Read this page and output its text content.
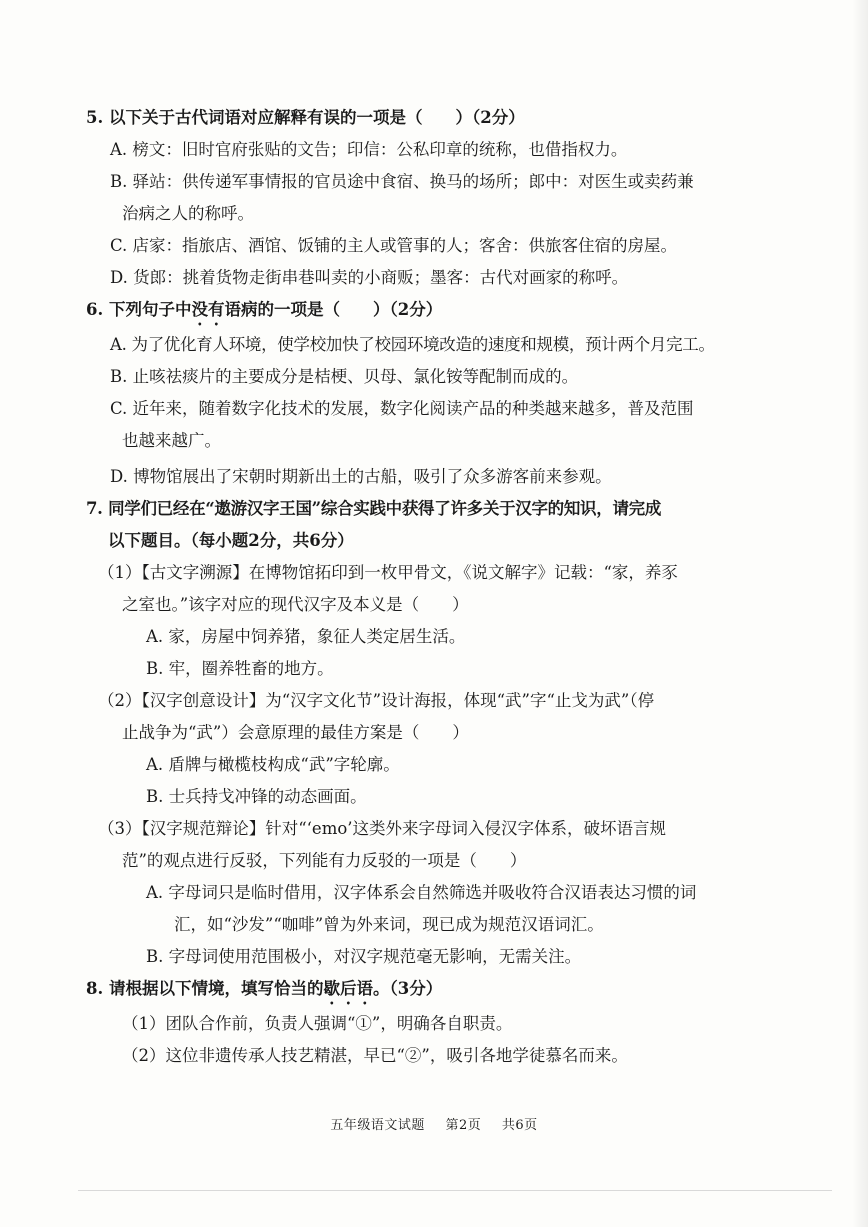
5. 以下关于古代词语对应解释有误的一项是（　　）（2分）

A. 榜文：旧时官府张贴的文告；印信：公私印章的统称，也借指权力。

B. 驿站：供传递军事情报的官员途中食宿、换马的场所；郎中：对医生或卖药兼

治病之人的称呼。

C. 店家：指旅店、酒馆、饭铺的主人或管事的人；客舍：供旅客住宿的房屋。

D. 货郎：挑着货物走街串巷叫卖的小商贩；墨客：古代对画家的称呼。

6. 下列句子中没有语病的一项是（　　）（2分）

A. 为了优化育人环境，使学校加快了校园环境改造的速度和规模，预计两个月完工。

B. 止咳祛痰片的主要成分是桔梗、贝母、氯化铵等配制而成的。

C. 近年来，随着数字化技术的发展，数字化阅读产品的种类越来越多，普及范围

也越来越广。

D. 博物馆展出了宋朝时期新出土的古船，吸引了众多游客前来参观。

7. 同学们已经在“遨游汉字王国”综合实践中获得了许多关于汉字的知识，请完成

以下题目。（每小题2分，共6分）

（1）【古文字溯源】在博物馆拓印到一枚甲骨文，《说文解字》记载：“家，养豕

之室也。”该字对应的现代汉字及本义是（　　）

A. 家，房屋中饲养猪，象征人类定居生活。

B. 牢，圈养牲畜的地方。

（2）【汉字创意设计】为“汉字文化节”设计海报，体现“武”字“止戈为武”（停

止战争为“武”）会意原理的最佳方案是（　　）

A. 盾牌与橄榄枝构成“武”字轮廓。

B. 士兵持戈冲锋的动态画面。

（3）【汉字规范辩论】针对“‘emo’这类外来字母词入侵汉字体系，破坏语言规

范”的观点进行反驳，下列能有力反驳的一项是（　　）

A. 字母词只是临时借用，汉字体系会自然筛选并吸收符合汉语表达习惯的词

汇，如“沙发”“咖啡”曾为外来词，现已成为规范汉语词汇。

B. 字母词使用范围极小，对汉字规范毫无影响，无需关注。

8. 请根据以下情境，填写恰当的歇后语。（3分）

（1）团队合作前，负责人强调“①”，明确各自职责。

（2）这位非遗传承人技艺精湛，早已“②”，吸引各地学徒慕名而来。

五年级语文试题 第2页 共6页
